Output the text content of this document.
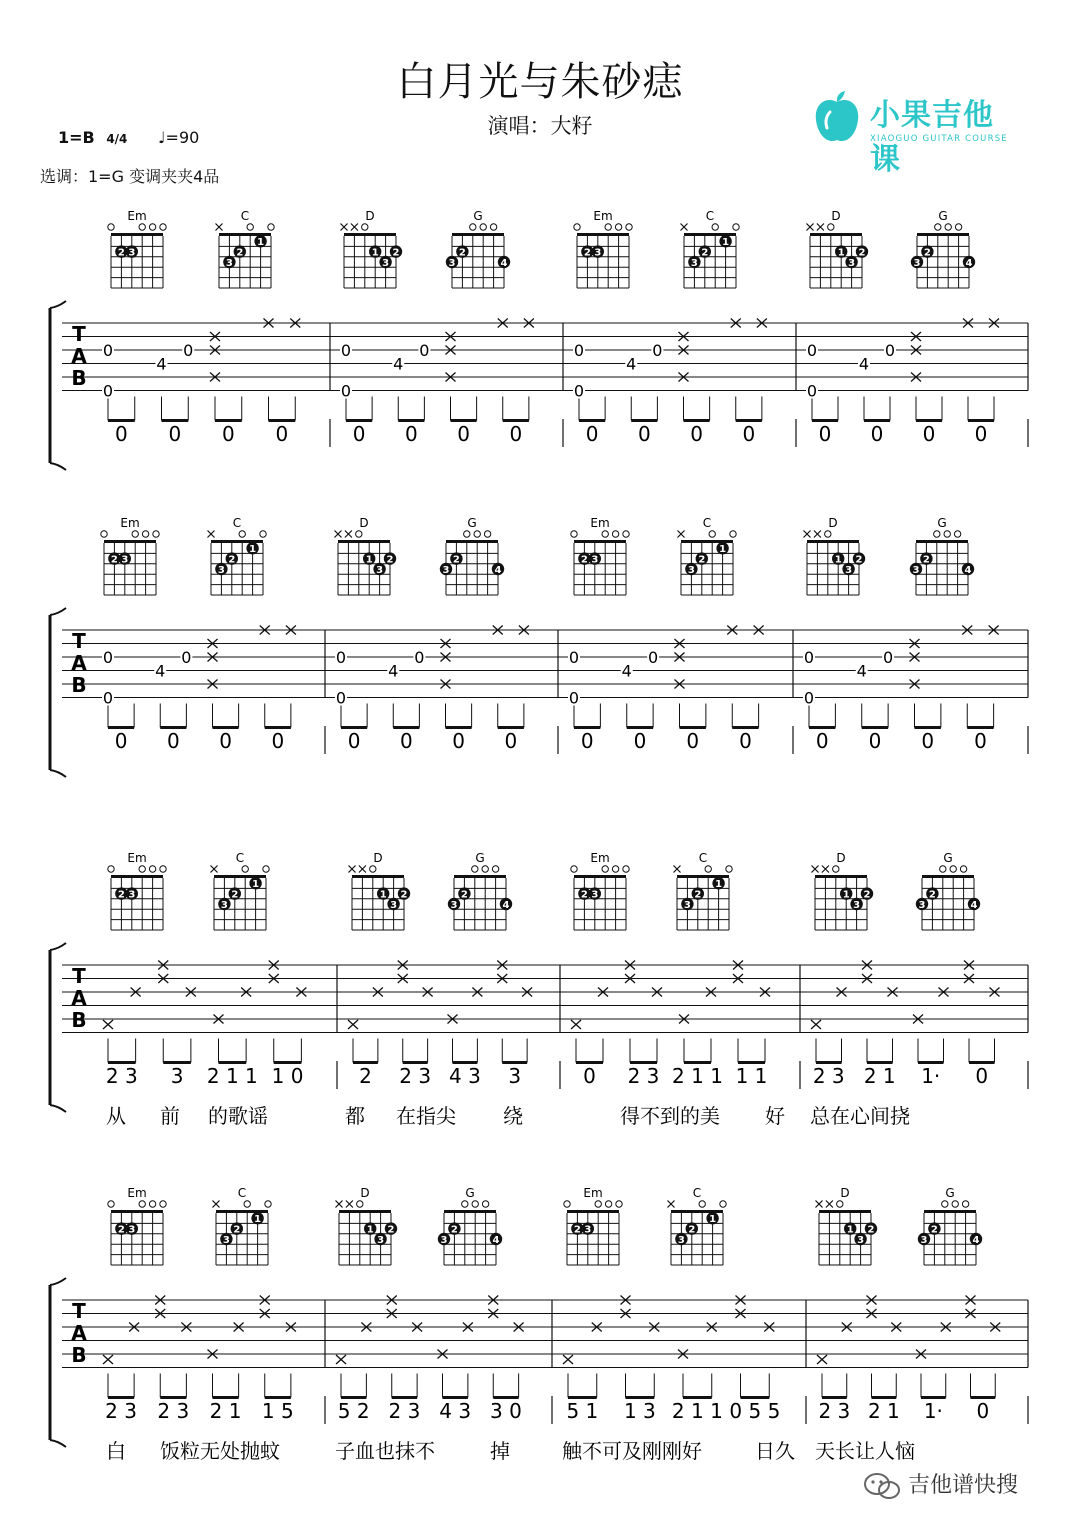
白月光与朱砂痣
演唱：大籽
1=B 4/4 ♩=90
选调：1=G 变调夹夹4品
小果吉他课
XIAOGUO GUITAR COURSE
Em
2 3
C
1
2
3
D
1 2
3
G
2
3	4
Em
2 3
C
1
2
3
D
1 2
3
G
2
3	4
T
A
B
0
0
4
0
0 0 0 0
0
0
4
0
0 0 0 0
0
0
4
0
0 0 0 0
0
0
4
0
0 0 0 0
Em
2 3
C
1
2
3
D
1 2
3
G
2
3	4
Em
2 3
C
1
2
3
D
1 2
3
G
2
3	4
T
A
B
0
0
4
0
0 0 0 0
0
0
4
0
0 0 0 0
0
0
4
0
0 0 0 0
0
0
4
0
0 0 0 0
Em
2 3
C
1
2
3
D
1 2
3
G
2
3	4
Em
2 3
C
1
2
3
D
1 2
3
G
2
3	4
T
A
B
2 3 3 2 1 1 1 0	2 2 3 4 3 3	0 2 3 2 1 1 1 1 2 3 2 1 1· 0
从 前 的歌谣	都 在指尖 绕	得不到的美 好 总在心间挠
Em
2 3
C
1
2
3
D
1 2
3
G
2
3	4
Em
2 3
C
1
2
3
D
1 2
3
G
2
3	4
T
A
B
2 3 2 3 2 1 1 5 5 2 2 3 4 3 3 0 5 1 1 3 2 1 1 0 5 5 2 3 2 1 1· 0
白 饭粒无处抛蚊	子血也抹不	掉	触不可及刚刚好	日久 天长让人恼
吉他谱快搜
